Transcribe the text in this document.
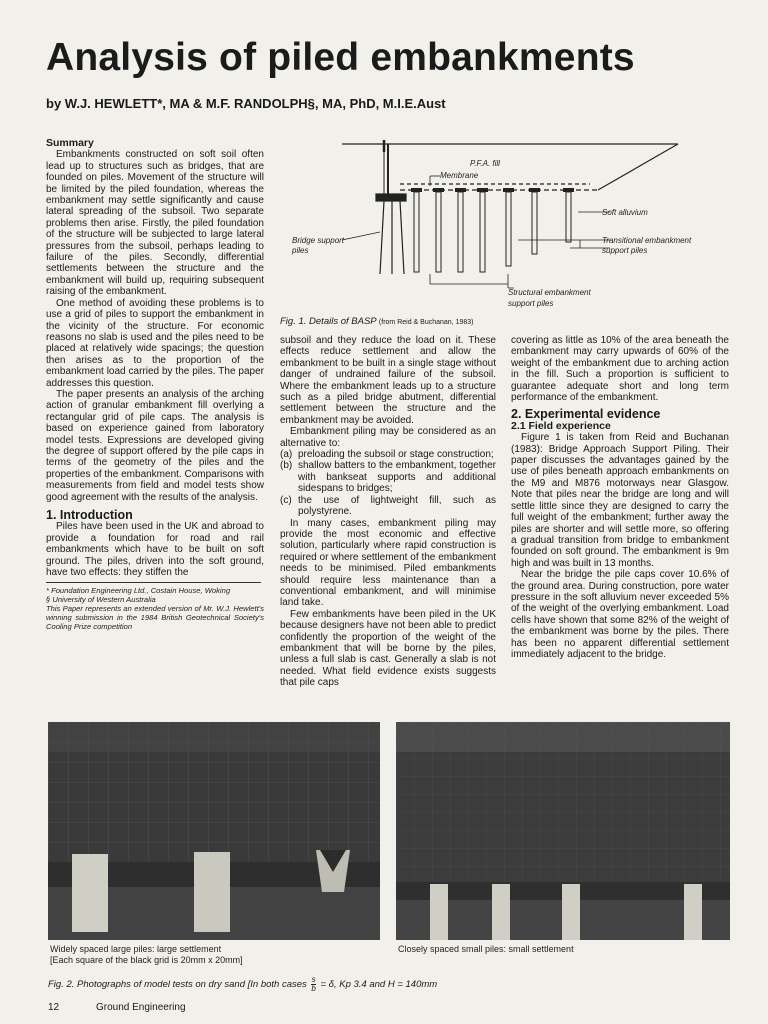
Analysis of piled embankments
by W.J. HEWLETT*, MA & M.F. RANDOLPH§, MA, PhD, M.I.E.Aust
Summary

Embankments constructed on soft soil often lead up to structures such as bridges, that are founded on piles. Movement of the structure will be limited by the piled foundation, whereas the embankment may settle significantly and cause lateral spreading of the subsoil. Two separate problems then arise. Firstly, the piled foundation of the structure will be subjected to large lateral pressures from the subsoil, perhaps leading to failure of the piles. Secondly, differential settlements between the structure and the embankment will build up, requiring subsequent raising of the embankment.

One method of avoiding these problems is to use a grid of piles to support the embankment in the vicinity of the structure. For economic reasons no slab is used and the piles need to be placed at relatively wide spacings; the question then arises as to the proportion of the embankment load carried by the piles. The paper addresses this question.

The paper presents an analysis of the arching action of granular embankment fill overlying a rectangular grid of pile caps. The analysis is based on experience gained from laboratory model tests. Expressions are developed giving the degree of support offered by the pile caps in terms of the geometry of the piles and the properties of the embankment. Comparisons with measurements from field and model tests show good agreement with the results of the analysis.

1. Introduction

Piles have been used in the UK and abroad to provide a foundation for road and rail embankments which have to be built on soft ground. The piles, driven into the soft ground, have two effects: they stiffen the

* Foundation Engineering Ltd., Costain House, Woking
§ University of Western Australia
This Paper represents an extended version of Mr. W.J. Hewlett's winning submission in the 1984 British Geotechnical Society's Cooling Prize competition
P.F.A. fill
Membrane
Soft alluvium
Bridge support
piles
Transitional embankment
support piles
Structural embankment
support piles
Fig. 1. Details of BASP (from Reid & Buchanan, 1983)

subsoil and they reduce the load on it. These effects reduce settlement and allow the embankment to be built in a single stage without danger of undrained failure of the subsoil. Where the embankment leads up to a structure such as a piled bridge abutment, differential settlement between the structure and the embankment may be avoided.

Embankment piling may be considered as an alternative to:

(a) preloading the subsoil or stage construction;
(b) shallow batters to the embankment, together with bankseat supports and additional sidespans to bridges;
(c) the use of lightweight fill, such as polystyrene.

In many cases, embankment piling may provide the most economic and effective solution, particularly where rapid construction is required or where settlement of the embankment needs to be minimised. Piled embankments should require less maintenance than a conventional embankment, and will minimise land take.

Few embankments have been piled in the UK because designers have not been able to predict confidently the proportion of the weight of the embankment that will be borne by the piles, unless a full slab is cast. Generally a slab is not needed. What field evidence exists suggests that pile caps

covering as little as 10% of the area beneath the embankment may carry upwards of 60% of the weight of the embankment due to arching action in the fill. Such a proportion is sufficient to guarantee adequate short and long term performance of the embankment.

2. Experimental evidence
2.1 Field experience

Figure 1 is taken from Reid and Buchanan (1983): Bridge Approach Support Piling. Their paper discusses the advantages gained by the use of piles beneath approach embankments on the M9 and M876 motorways near Glasgow. Note that piles near the bridge are long and will settle little since they are designed to carry the full weight of the embankment; further away the piles are shorter and will settle more, so offering a gradual transition from bridge to embankment founded on soft ground. The embankment is 9m high and was built in 13 months.

Near the bridge the pile caps cover 10.6% of the ground area. During construction, pore water pressure in the soft alluvium never exceeded 5% of the weight of the overlying embankment. Load cells have shown that some 82% of the weight of the embankment was borne by the piles. There has been no apparent differential settlement immediately adjacent to the bridge.

Widely spaced large piles: large settlement
[Each square of the black grid is 20mm x 20mm]
Closely spaced small piles: small settlement
Fig. 2. Photographs of model tests on dry sand [In both cases $\frac{s}{b} = \delta$, Kp 3.4 and H = 140mm
12	Ground Engineering
